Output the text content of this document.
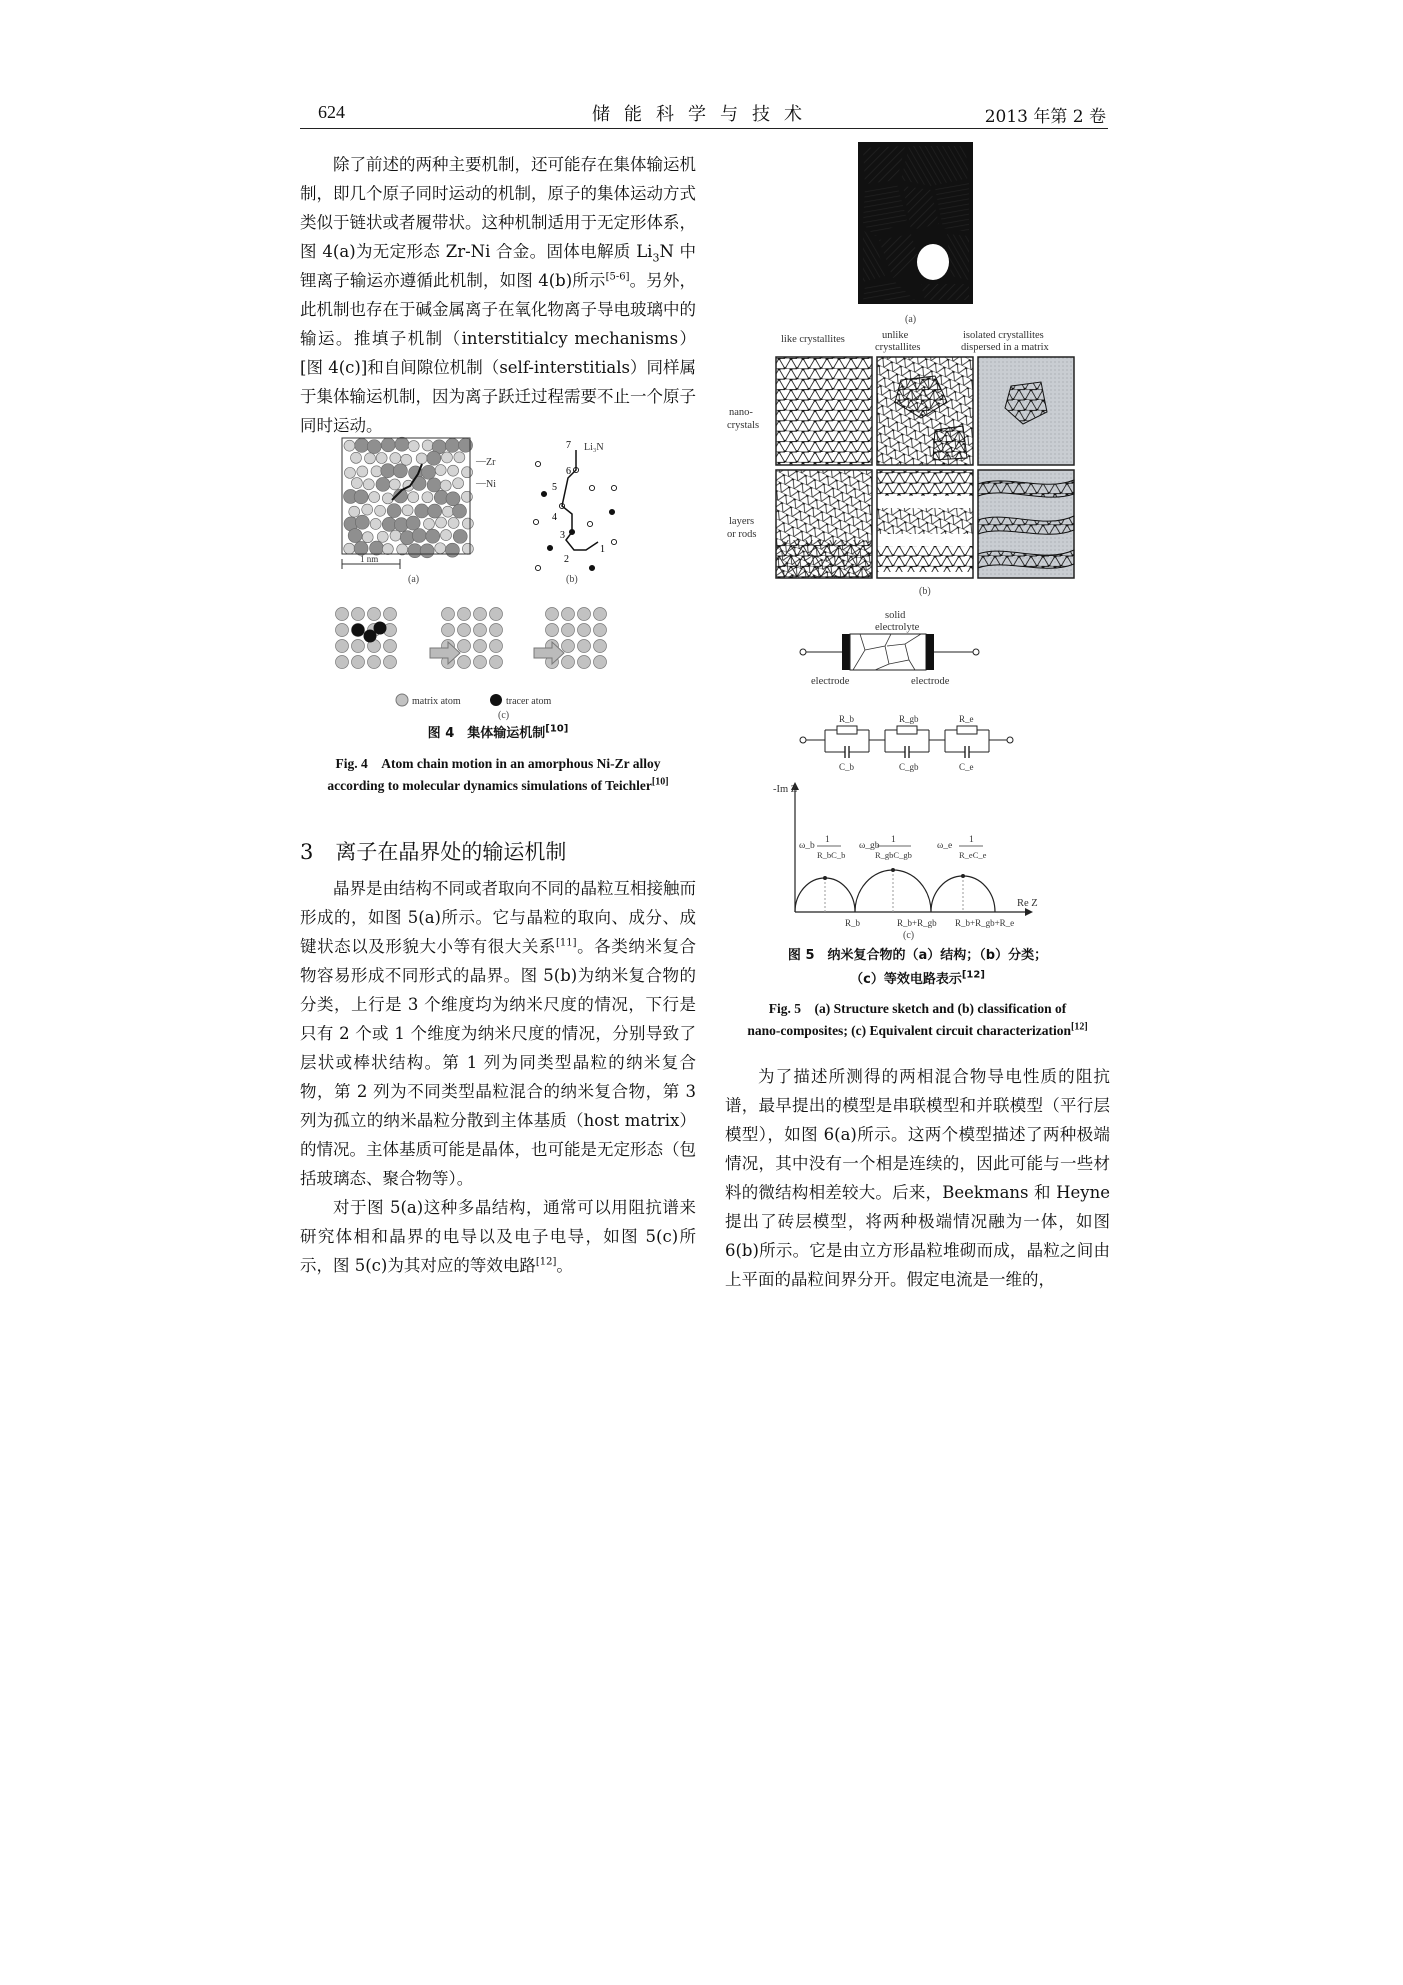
624	储能科学与技术	2013 年第 2 卷

除了前述的两种主要机制，还可能存在集体输运机制，即几个原子同时运动的机制，原子的集体运动方式类似于链状或者履带状。这种机制适用于无定形体系，图 4(a)为无定形态 Zr-Ni 合金。固体电解质 $Li_3N$ 中锂离子输运亦遵循此机制，如图 4(b)所示[5-6]。另外，此机制也存在于碱金属离子在氧化物离子导电玻璃中的输运。推填子机制（interstitialcy mechanisms）[图 4(c)]和自间隙位机制（self-interstitials）同样属于集体输运机制，因为离子跃迁过程需要不止一个原子同时运动。

— Zr
— Ni
1 nm
(a)
Li₃N
7
6
5
4
3
2
1
(b)
matrix atom	tracer atom
(c)
图 4　集体输运机制[10]
Fig. 4　Atom chain motion in an amorphous Ni-Zr alloy
according to molecular dynamics simulations of Teichler[10]
3 离子在晶界处的输运机制

晶界是由结构不同或者取向不同的晶粒互相接触而形成的，如图 5(a)所示。它与晶粒的取向、成分、成键状态以及形貌大小等有很大关系[11]。各类纳米复合物容易形成不同形式的晶界。图 5(b)为纳米复合物的分类，上行是 3 个维度均为纳米尺度的情况，下行是只有 2 个或 1 个维度为纳米尺度的情况，分别导致了层状或棒状结构。第 1 列为同类型晶粒的纳米复合物，第 2 列为不同类型晶粒混合的纳米复合物，第 3 列为孤立的纳米晶粒分散到主体基质（host matrix）的情况。主体基质可能是晶体，也可能是无定形态（包括玻璃态、聚合物等）。

对于图 5(a)这种多晶结构，通常可以用阻抗谱来研究体相和晶界的电导以及电子电导，如图 5(c)所示，图 5(c)为其对应的等效电路[12]。

(a)
like crystallites	unlike
crystallites
isolated crystallites
dispersed in a matrix
nano-
crystals
layers
or rods
(b)
solid
electrolyte
electrode	electrode
R_b
C_b
R_gb
C_gb
R_e
C_e
-Im Z
Re Z
ω_b
1
R_bC_b
ω_gb
1
R_gbC_gb
ω_e
1
R_eC_e
R_b	R_b+R_gb R_b+R_gb+R_e
(c)
图 5　纳米复合物的（a）结构；（b）分类；
（c）等效电路表示[12]
Fig. 5　(a) Structure sketch and (b) classification of
nano-composites; (c) Equivalent circuit characterization[12]

为了描述所测得的两相混合物导电性质的阻抗谱，最早提出的模型是串联模型和并联模型（平行层模型），如图 6(a)所示。这两个模型描述了两种极端情况，其中没有一个相是连续的，因此可能与一些材料的微结构相差较大。后来，Beekmans 和 Heyne 提出了砖层模型，将两种极端情况融为一体，如图 6(b)所示。它是由立方形晶粒堆砌而成，晶粒之间由上平面的晶粒间界分开。假定电流是一维的，
